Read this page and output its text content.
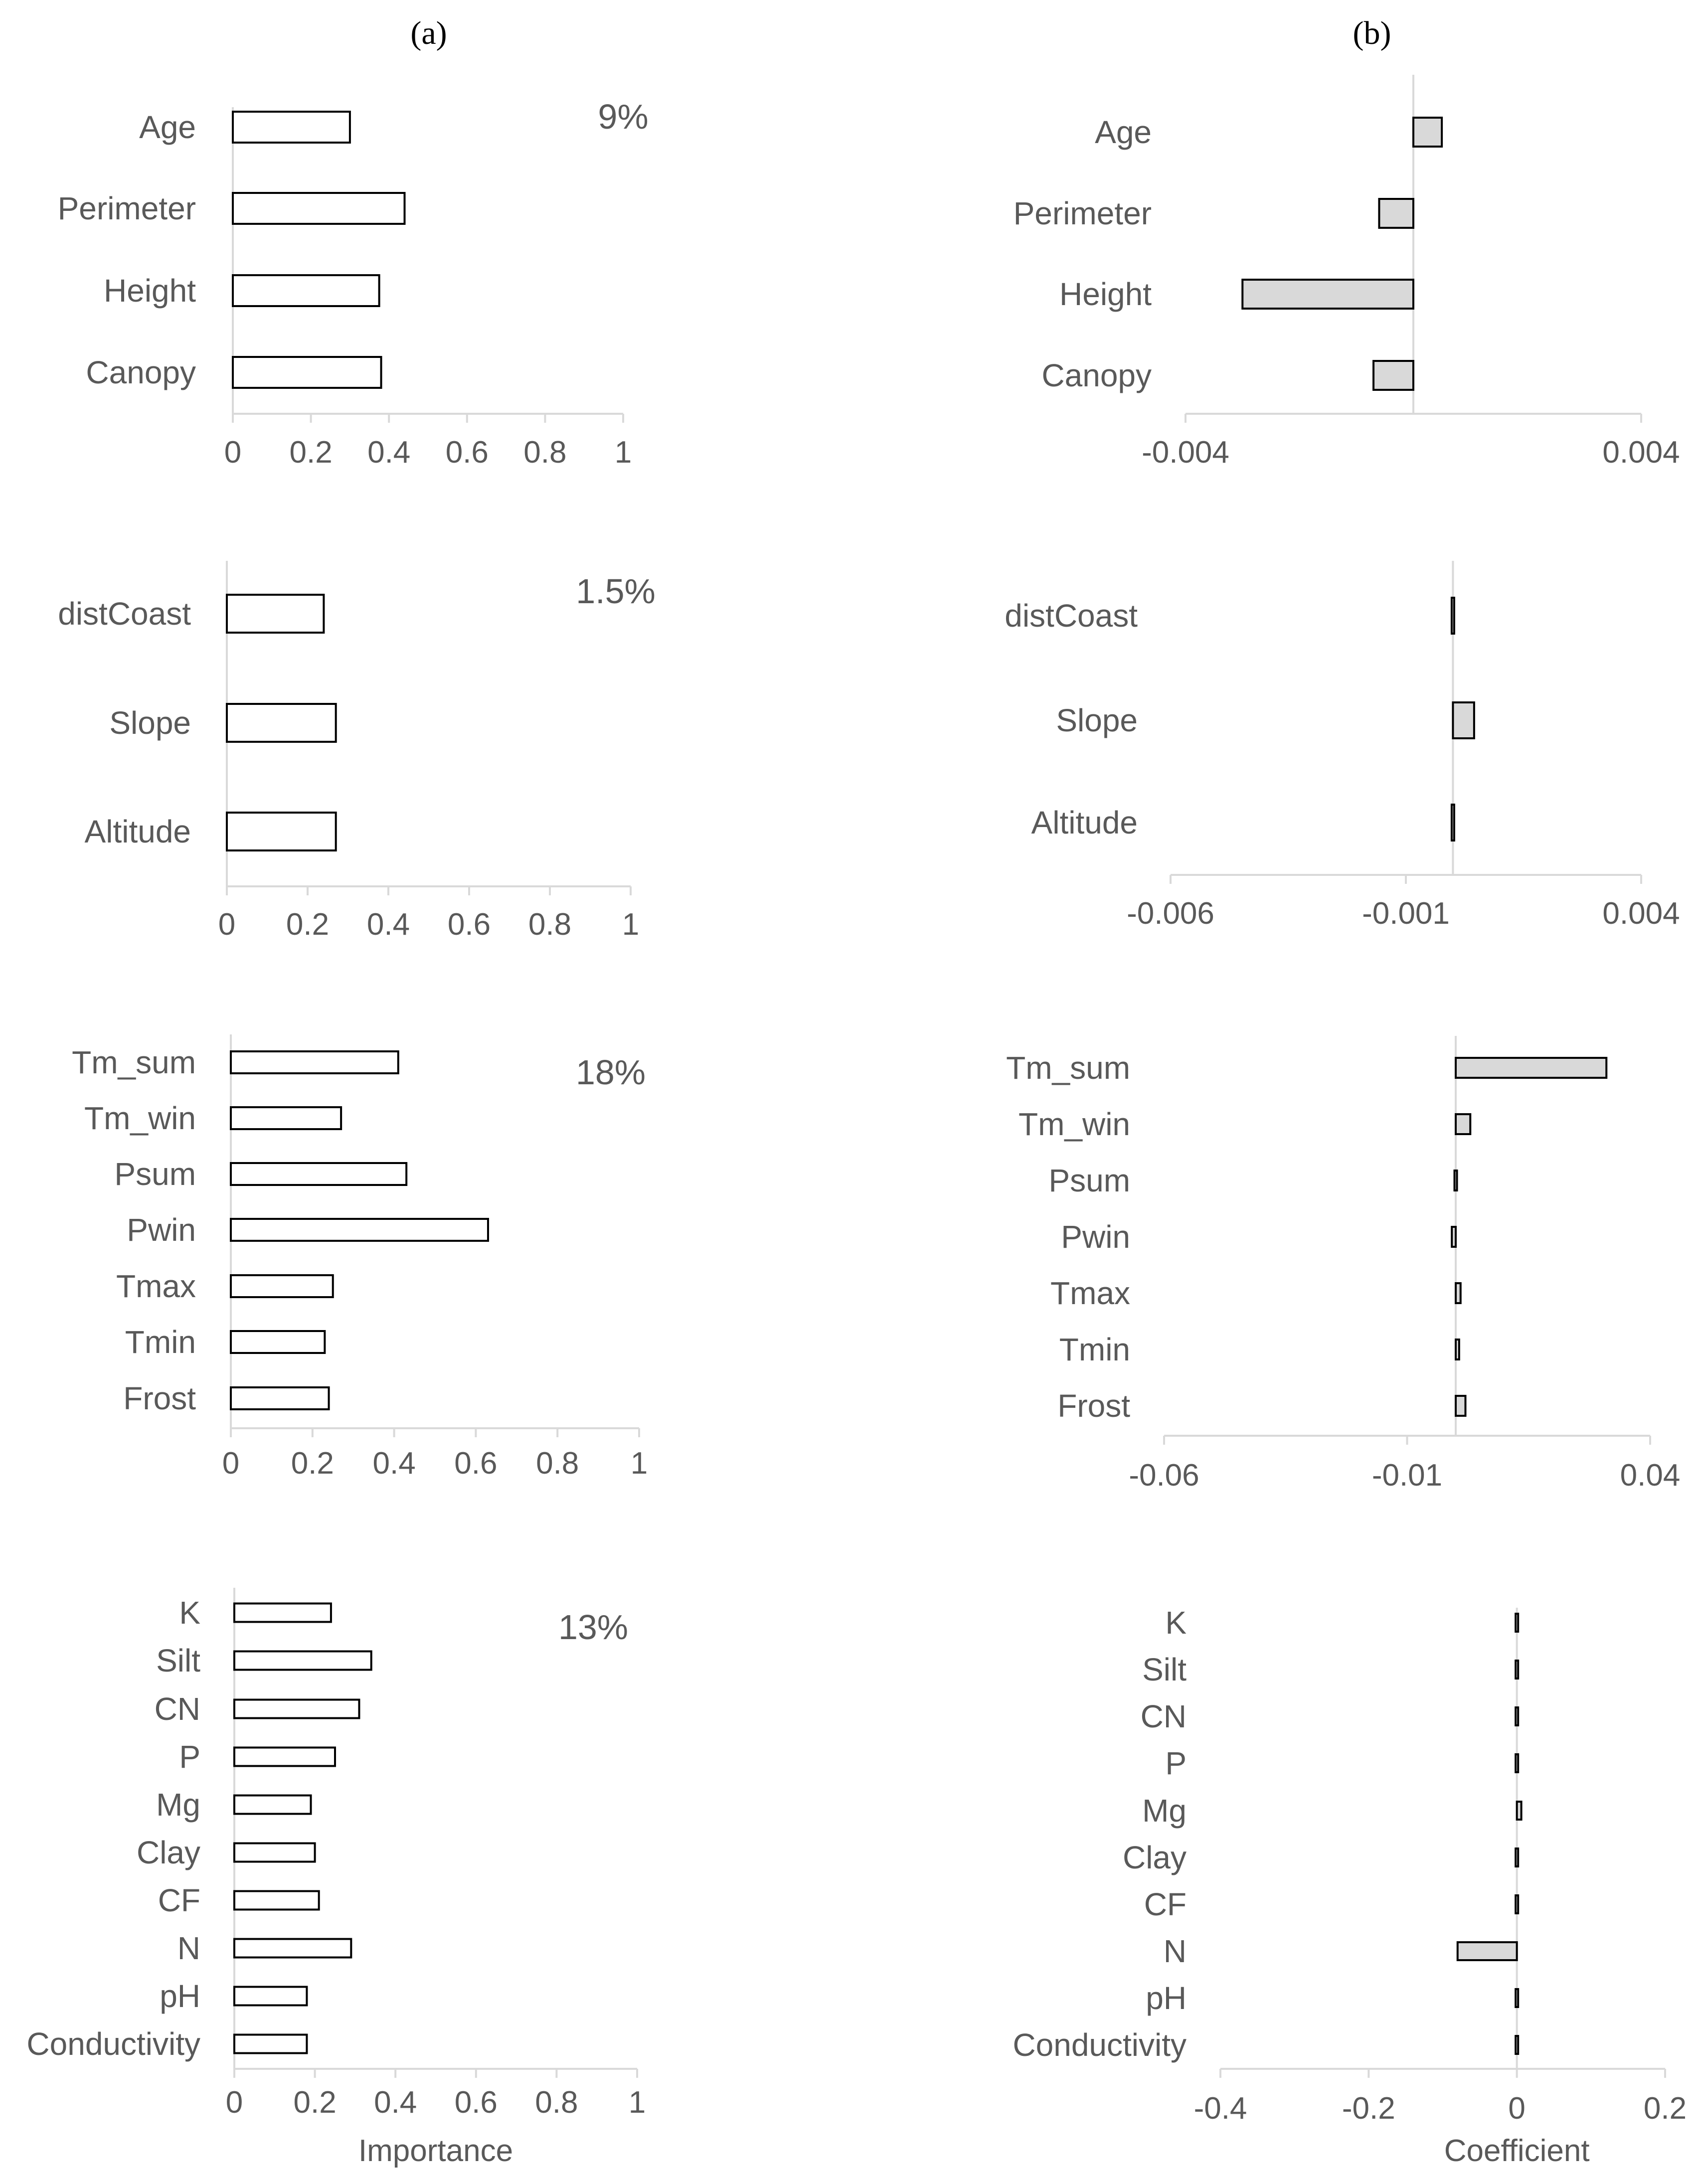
(a)	(b)
0 0.2 0.4 0.6 0.8 1
Age
Perimeter
Height
Canopy
9%
0 0.2 0.4 0.6 0.8 1
distCoast
Slope
Altitude
1.5%
0 0.2 0.4 0.6 0.8 1
Tm_sum
Tm_win
Psum
Pwin
Tmax
Tmin
Frost
18%
0 0.2 0.4 0.6 0.8 1
K
Silt
CN
P
Mg
Clay
CF
N
pH
Conductivity
13%
Importance
-0.004	0.004
Age
Perimeter
Height
Canopy
-0.006	-0.001	0.004
distCoast
Slope
Altitude
-0.06	-0.01	0.04
Tm_sum
Tm_win
Psum
Pwin
Tmax
Tmin
Frost
-0.4	-0.2	0	0.2
K
Silt
CN
P
Mg
Clay
CF
N
pH
Conductivity
Coefficient
